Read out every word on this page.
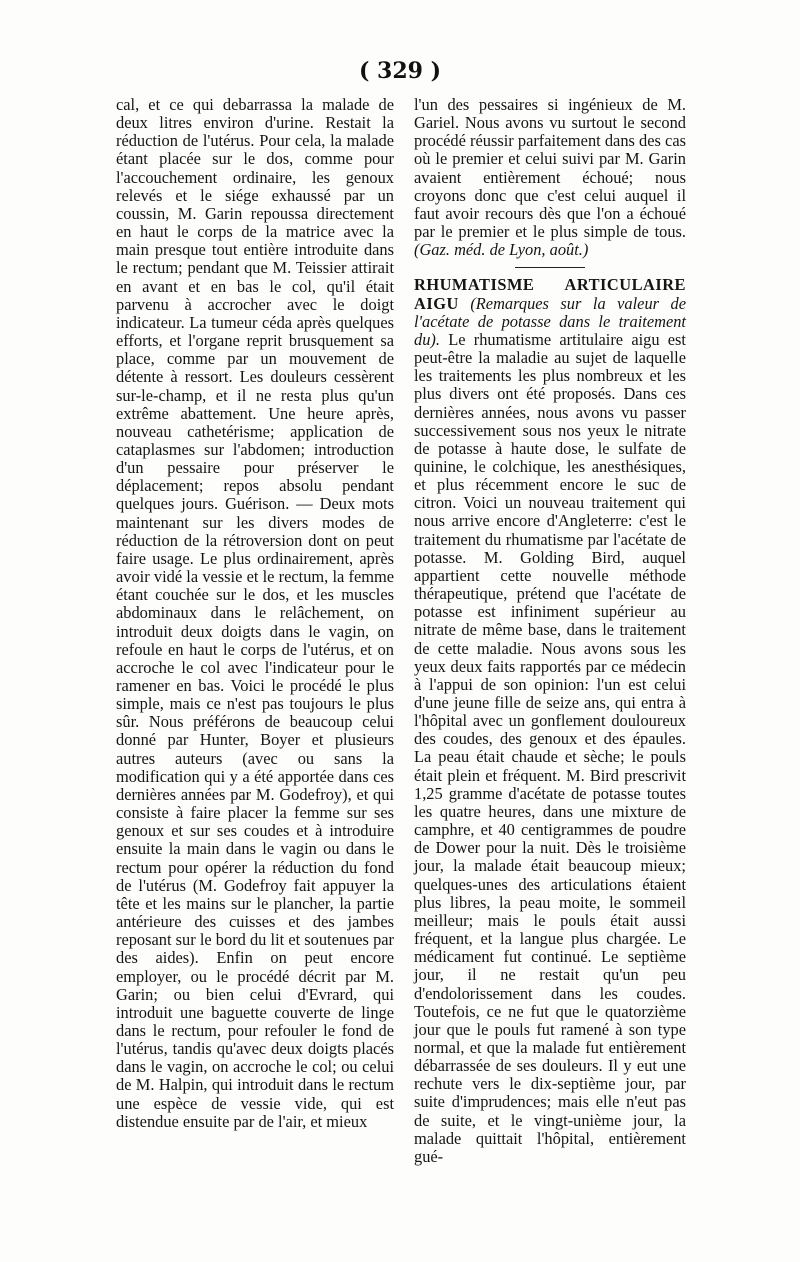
( 329 )

cal, et ce qui debarrassa la malade de deux litres environ d'urine. Restait la réduction de l'utérus. Pour cela, la malade étant placée sur le dos, comme pour l'accouchement ordinaire, les genoux relevés et le siége exhaussé par un coussin, M. Garin repoussa directement en haut le corps de la matrice avec la main presque tout entière introduite dans le rectum; pendant que M. Teissier attirait en avant et en bas le col, qu'il était parvenu à accrocher avec le doigt indicateur. La tumeur céda après quelques efforts, et l'organe reprit brusquement sa place, comme par un mouvement de détente à ressort. Les douleurs cessèrent sur-le-champ, et il ne resta plus qu'un extrême abattement. Une heure après, nouveau cathetérisme; application de cataplasmes sur l'abdomen; introduction d'un pessaire pour préserver le déplacement; repos absolu pendant quelques jours. Guérison. — Deux mots maintenant sur les divers modes de réduction de la rétroversion dont on peut faire usage. Le plus ordinairement, après avoir vidé la vessie et le rectum, la femme étant couchée sur le dos, et les muscles abdominaux dans le relâchement, on introduit deux doigts dans le vagin, on refoule en haut le corps de l'utérus, et on accroche le col avec l'indicateur pour le ramener en bas. Voici le procédé le plus simple, mais ce n'est pas toujours le plus sûr. Nous préférons de beaucoup celui donné par Hunter, Boyer et plusieurs autres auteurs (avec ou sans la modification qui y a été apportée dans ces dernières années par M. Godefroy), et qui consiste à faire placer la femme sur ses genoux et sur ses coudes et à introduire ensuite la main dans le vagin ou dans le rectum pour opérer la réduction du fond de l'utérus (M. Godefroy fait appuyer la tête et les mains sur le plancher, la partie antérieure des cuisses et des jambes reposant sur le bord du lit et soutenues par des aides). Enfin on peut encore employer, ou le procédé décrit par M. Garin; ou bien celui d'Evrard, qui introduit une baguette couverte de linge dans le rectum, pour refouler le fond de l'utérus, tandis qu'avec deux doigts placés dans le vagin, on accroche le col; ou celui de M. Halpin, qui introduit dans le rectum une espèce de vessie vide, qui est distendue ensuite par de l'air, et mieux

l'un des pessaires si ingénieux de M. Gariel. Nous avons vu surtout le second procédé réussir parfaitement dans des cas où le premier et celui suivi par M. Garin avaient entièrement échoué; nous croyons donc que c'est celui auquel il faut avoir recours dès que l'on a échoué par le premier et le plus simple de tous. (Gaz. méd. de Lyon, août.)

RHUMATISME ARTICULAIRE AIGU (Remarques sur la valeur de l'acétate de potasse dans le traitement du). Le rhumatisme artitulaire aigu est peut-être la maladie au sujet de laquelle les traitements les plus nombreux et les plus divers ont été proposés. Dans ces dernières années, nous avons vu passer successivement sous nos yeux le nitrate de potasse à haute dose, le sulfate de quinine, le colchique, les anesthésiques, et plus récemment encore le suc de citron. Voici un nouveau traitement qui nous arrive encore d'Angleterre: c'est le traitement du rhumatisme par l'acétate de potasse. M. Golding Bird, auquel appartient cette nouvelle méthode thérapeutique, prétend que l'acétate de potasse est infiniment supérieur au nitrate de même base, dans le traitement de cette maladie. Nous avons sous les yeux deux faits rapportés par ce médecin à l'appui de son opinion: l'un est celui d'une jeune fille de seize ans, qui entra à l'hôpital avec un gonflement douloureux des coudes, des genoux et des épaules. La peau était chaude et sèche; le pouls était plein et fréquent. M. Bird prescrivit 1,25 gramme d'acétate de potasse toutes les quatre heures, dans une mixture de camphre, et 40 centigrammes de poudre de Dower pour la nuit. Dès le troisième jour, la malade était beaucoup mieux; quelques-unes des articulations étaient plus libres, la peau moite, le sommeil meilleur; mais le pouls était aussi fréquent, et la langue plus chargée. Le médicament fut continué. Le septième jour, il ne restait qu'un peu d'endolorissement dans les coudes. Toutefois, ce ne fut que le quatorzième jour que le pouls fut ramené à son type normal, et que la malade fut entièrement débarrassée de ses douleurs. Il y eut une rechute vers le dix-septième jour, par suite d'imprudences; mais elle n'eut pas de suite, et le vingt-unième jour, la malade quittait l'hôpital, entièrement gué-
